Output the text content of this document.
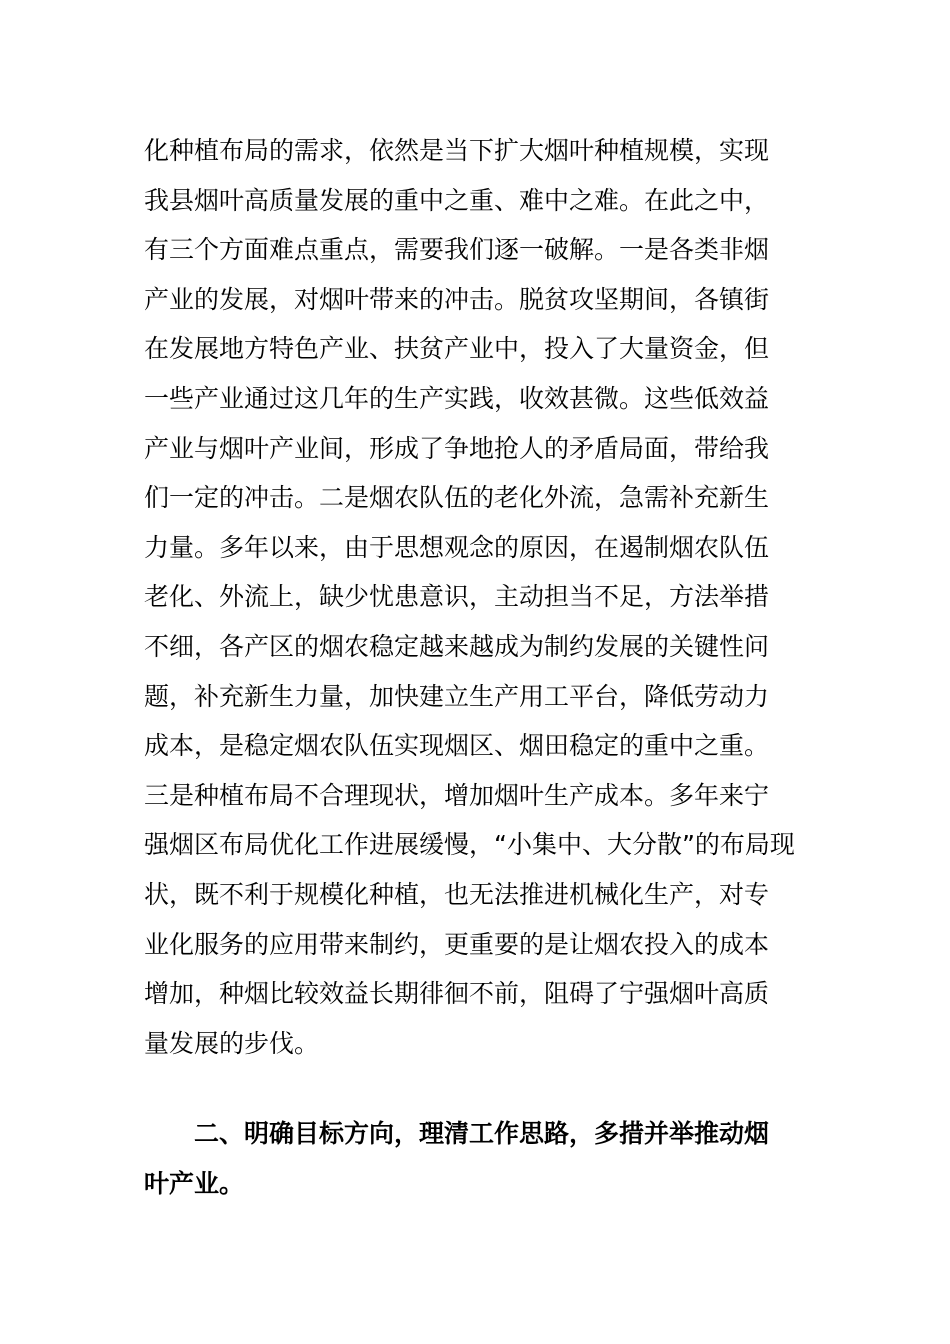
化种植布局的需求，依然是当下扩大烟叶种植规模，实现
我县烟叶高质量发展的重中之重、难中之难。在此之中，
有三个方面难点重点，需要我们逐一破解。一是各类非烟
产业的发展，对烟叶带来的冲击。脱贫攻坚期间，各镇街
在发展地方特色产业、扶贫产业中，投入了大量资金，但
一些产业通过这几年的生产实践，收效甚微。这些低效益
产业与烟叶产业间，形成了争地抢人的矛盾局面，带给我
们一定的冲击。二是烟农队伍的老化外流，急需补充新生
力量。多年以来，由于思想观念的原因，在遏制烟农队伍
老化、外流上，缺少忧患意识，主动担当不足，方法举措
不细，各产区的烟农稳定越来越成为制约发展的关键性问
题，补充新生力量，加快建立生产用工平台，降低劳动力
成本，是稳定烟农队伍实现烟区、烟田稳定的重中之重。
三是种植布局不合理现状，增加烟叶生产成本。多年来宁
强烟区布局优化工作进展缓慢，“小集中、大分散”的布局现
状，既不利于规模化种植，也无法推进机械化生产，对专
业化服务的应用带来制约，更重要的是让烟农投入的成本
增加，种烟比较效益长期徘徊不前，阻碍了宁强烟叶高质
量发展的步伐。

二、明确目标方向，理清工作思路，多措并举推动烟
叶产业。
